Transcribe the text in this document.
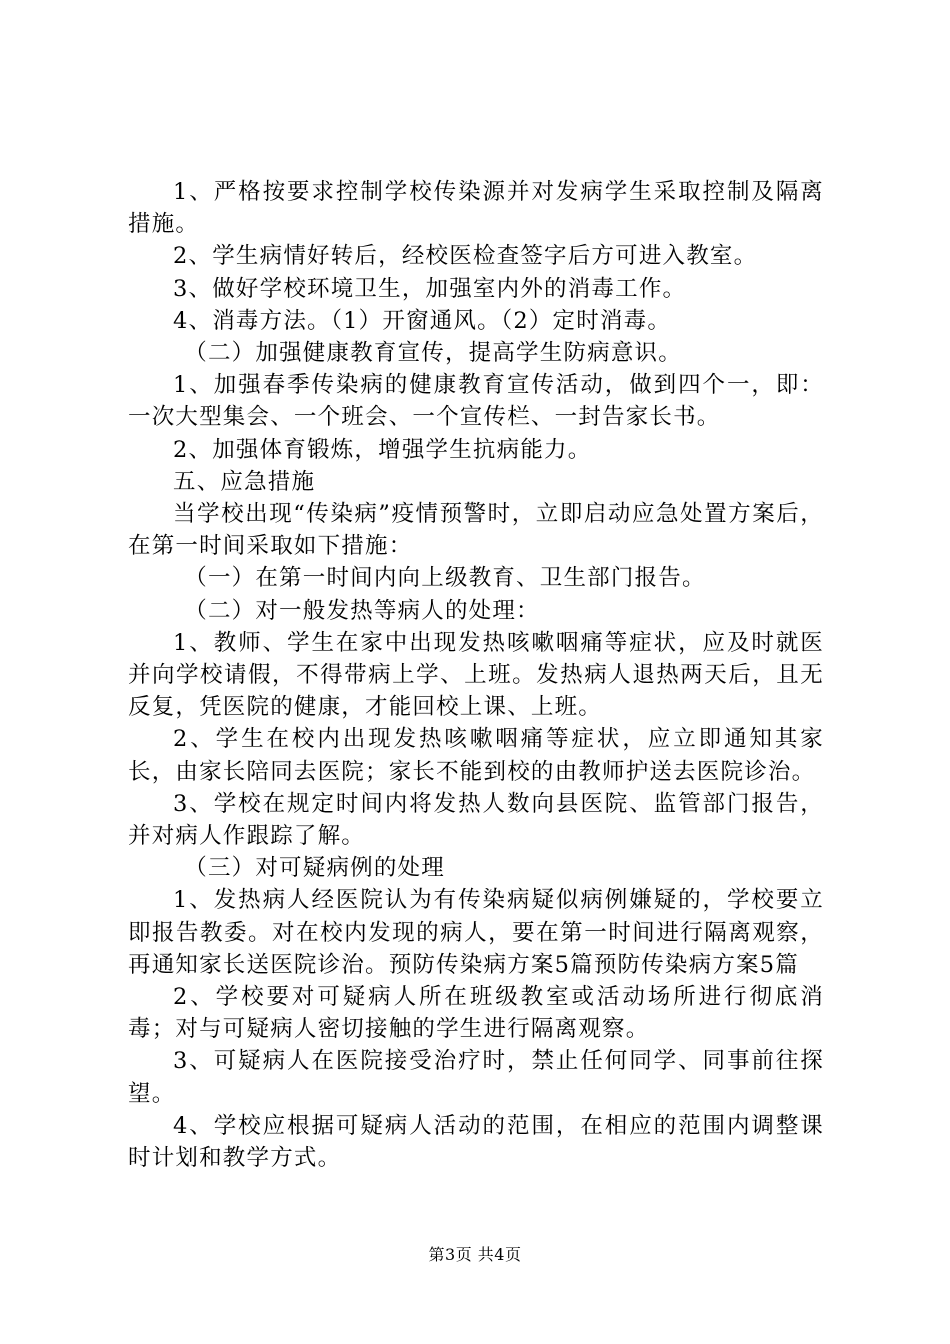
1、严格按要求控制学校传染源并对发病学生采取控制及隔离措施。

2、学生病情好转后，经校医检查签字后方可进入教室。

3、做好学校环境卫生，加强室内外的消毒工作。

4、消毒方法。（1）开窗通风。（2）定时消毒。

（二）加强健康教育宣传，提高学生防病意识。

1、加强春季传染病的健康教育宣传活动，做到四个一，即：一次大型集会、一个班会、一个宣传栏、一封告家长书。

2、加强体育锻炼，增强学生抗病能力。

五、应急措施

当学校出现“传染病”疫情预警时，立即启动应急处置方案后，在第一时间采取如下措施：

（一）在第一时间内向上级教育、卫生部门报告。

（二）对一般发热等病人的处理：

1、教师、学生在家中出现发热咳嗽咽痛等症状，应及时就医并向学校请假，不得带病上学、上班。发热病人退热两天后，且无反复，凭医院的健康，才能回校上课、上班。

2、学生在校内出现发热咳嗽咽痛等症状，应立即通知其家长，由家长陪同去医院；家长不能到校的由教师护送去医院诊治。

3、学校在规定时间内将发热人数向县医院、监管部门报告，并对病人作跟踪了解。

（三）对可疑病例的处理

1、发热病人经医院认为有传染病疑似病例嫌疑的，学校要立即报告教委。对在校内发现的病人，要在第一时间进行隔离观察，再通知家长送医院诊治。预防传染病方案5篇预防传染病方案5篇

2、学校要对可疑病人所在班级教室或活动场所进行彻底消毒；对与可疑病人密切接触的学生进行隔离观察。

3、可疑病人在医院接受治疗时，禁止任何同学、同事前往探望。

4、学校应根据可疑病人活动的范围，在相应的范围内调整课时计划和教学方式。

第3页 共4页
